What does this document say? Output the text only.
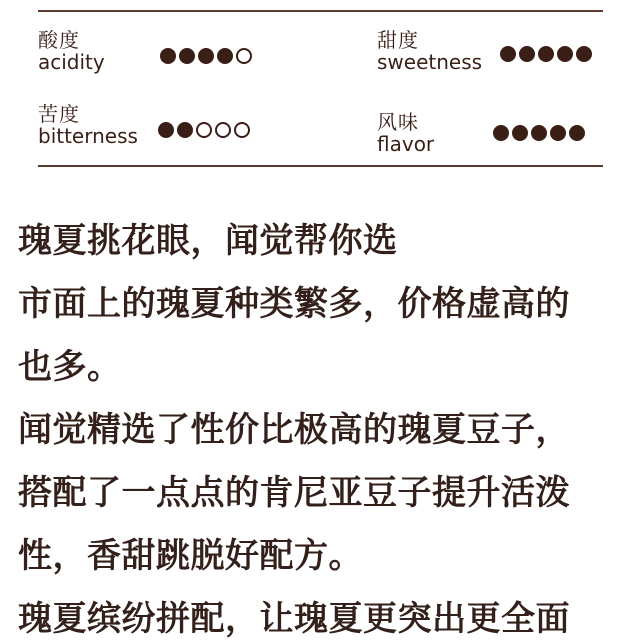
酸度
acidity
甜度
sweetness
苦度
bitterness
风味
flavor
瑰夏挑花眼，闻觉帮你选
市面上的瑰夏种类繁多，价格虚高的
也多。
闻觉精选了性价比极高的瑰夏豆子，
搭配了一点点的肯尼亚豆子提升活泼
性，香甜跳脱好配方。
瑰夏缤纷拼配，让瑰夏更突出更全面
